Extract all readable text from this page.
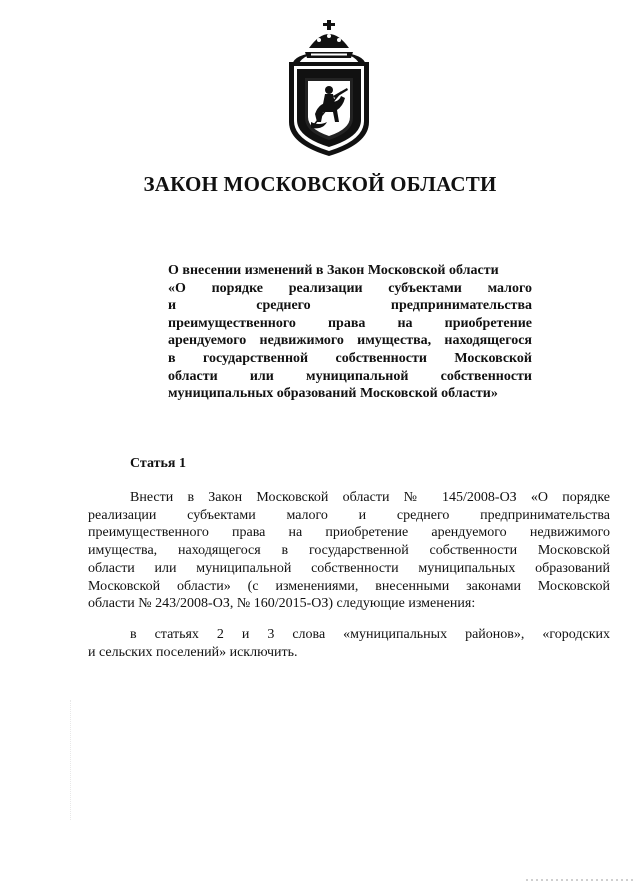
ЗАКОН МОСКОВСКОЙ ОБЛАСТИ
О внесении изменений в Закон Московской области
«О порядке реализации субъектами малого
и среднего предпринимательства
преимущественного права на приобретение
арендуемого недвижимого имущества, находящегося
в государственной собственности Московской
области или муниципальной собственности
муниципальных образований Московской области»
Статья 1
Внести в Закон Московской области № 145/2008-ОЗ «О порядке
реализации субъектами малого и среднего предпринимательства
преимущественного права на приобретение арендуемого недвижимого
имущества, находящегося в государственной собственности Московской
области или муниципальной собственности муниципальных образований
Московской области» (с изменениями, внесенными законами Московской
области № 243/2008-ОЗ, № 160/2015-ОЗ) следующие изменения:
в статьях 2 и 3 слова «муниципальных районов», «городских
и сельских поселений» исключить.
